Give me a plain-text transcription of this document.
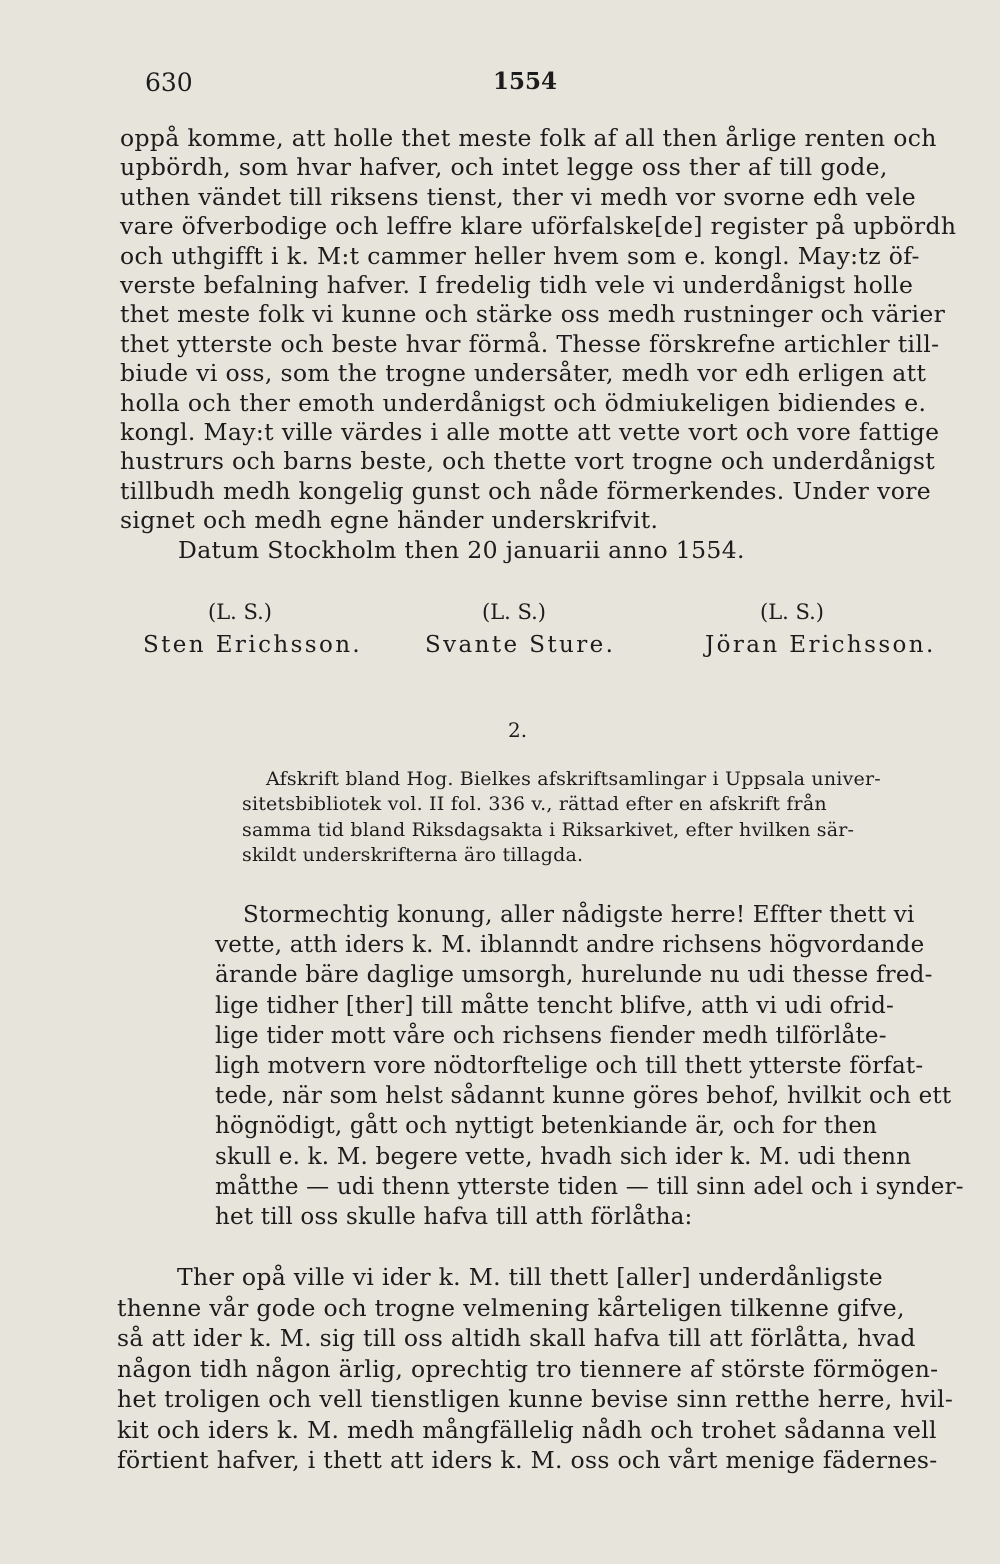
630	1554
oppå komme, att holle thet meste folk af all then årlige renten och
upbördh, som hvar hafver, och intet legge oss ther af till gode,
uthen vändet till riksens tienst, ther vi medh vor svorne edh vele
vare öfverbodige och leffre klare uförfalske[de] register på upbördh
och uthgifft i k. M:t cammer heller hvem som e. kongl. May:tz öf-
verste befalning hafver. I fredelig tidh vele vi underdånigst holle
thet meste folk vi kunne och stärke oss medh rustninger och värier
thet ytterste och beste hvar förmå. Thesse förskrefne artichler till-
biude vi oss, som the trogne undersåter, medh vor edh erligen att
holla och ther emoth underdånigst och ödmiukeligen bidiendes e.
kongl. May:t ville värdes i alle motte att vette vort och vore fattige
hustrurs och barns beste, och thette vort trogne och underdånigst
tillbudh medh kongelig gunst och nåde förmerkendes. Under vore
signet och medh egne händer underskrifvit.
Datum Stockholm then 20 januarii anno 1554.
(L. S.)	(L. S.)	(L. S.)
Sten Erichsson.	Svante Sture.	Jöran Erichsson.
2.
Afskrift bland Hog. Bielkes afskriftsamlingar i Uppsala univer-
sitetsbibliotek vol. II fol. 336 v., rättad efter en afskrift från
samma tid bland Riksdagsakta i Riksarkivet, efter hvilken sär-
skildt underskrifterna äro tillagda.
Stormechtig konung, aller nådigste herre! Effter thett vi
vette, atth iders k. M. iblanndt andre richsens högvordande
ärande bäre daglige umsorgh, hurelunde nu udi thesse fred-
lige tidher [ther] till måtte tencht blifve, atth vi udi ofrid-
lige tider mott våre och richsens fiender medh tilförlåte-
ligh motvern vore nödtorftelige och till thett ytterste förfat-
tede, när som helst sådannt kunne göres behof, hvilkit och ett
högnödigt, gått och nyttigt betenkiande är, och for then
skull e. k. M. begere vette, hvadh sich ider k. M. udi thenn
måtthe — udi thenn ytterste tiden — till sinn adel och i synder-
het till oss skulle hafva till atth förlåtha:
Ther opå ville vi ider k. M. till thett [aller] underdånligste
thenne vår gode och trogne velmening kårteligen tilkenne gifve,
så att ider k. M. sig till oss altidh skall hafva till att förlåtta, hvad
någon tidh någon ärlig, oprechtig tro tiennere af störste förmögen-
het troligen och vell tienstligen kunne bevise sinn retthe herre, hvil-
kit och iders k. M. medh mångfällelig nådh och trohet sådanna vell
förtient hafver, i thett att iders k. M. oss och vårt menige fädernes-
